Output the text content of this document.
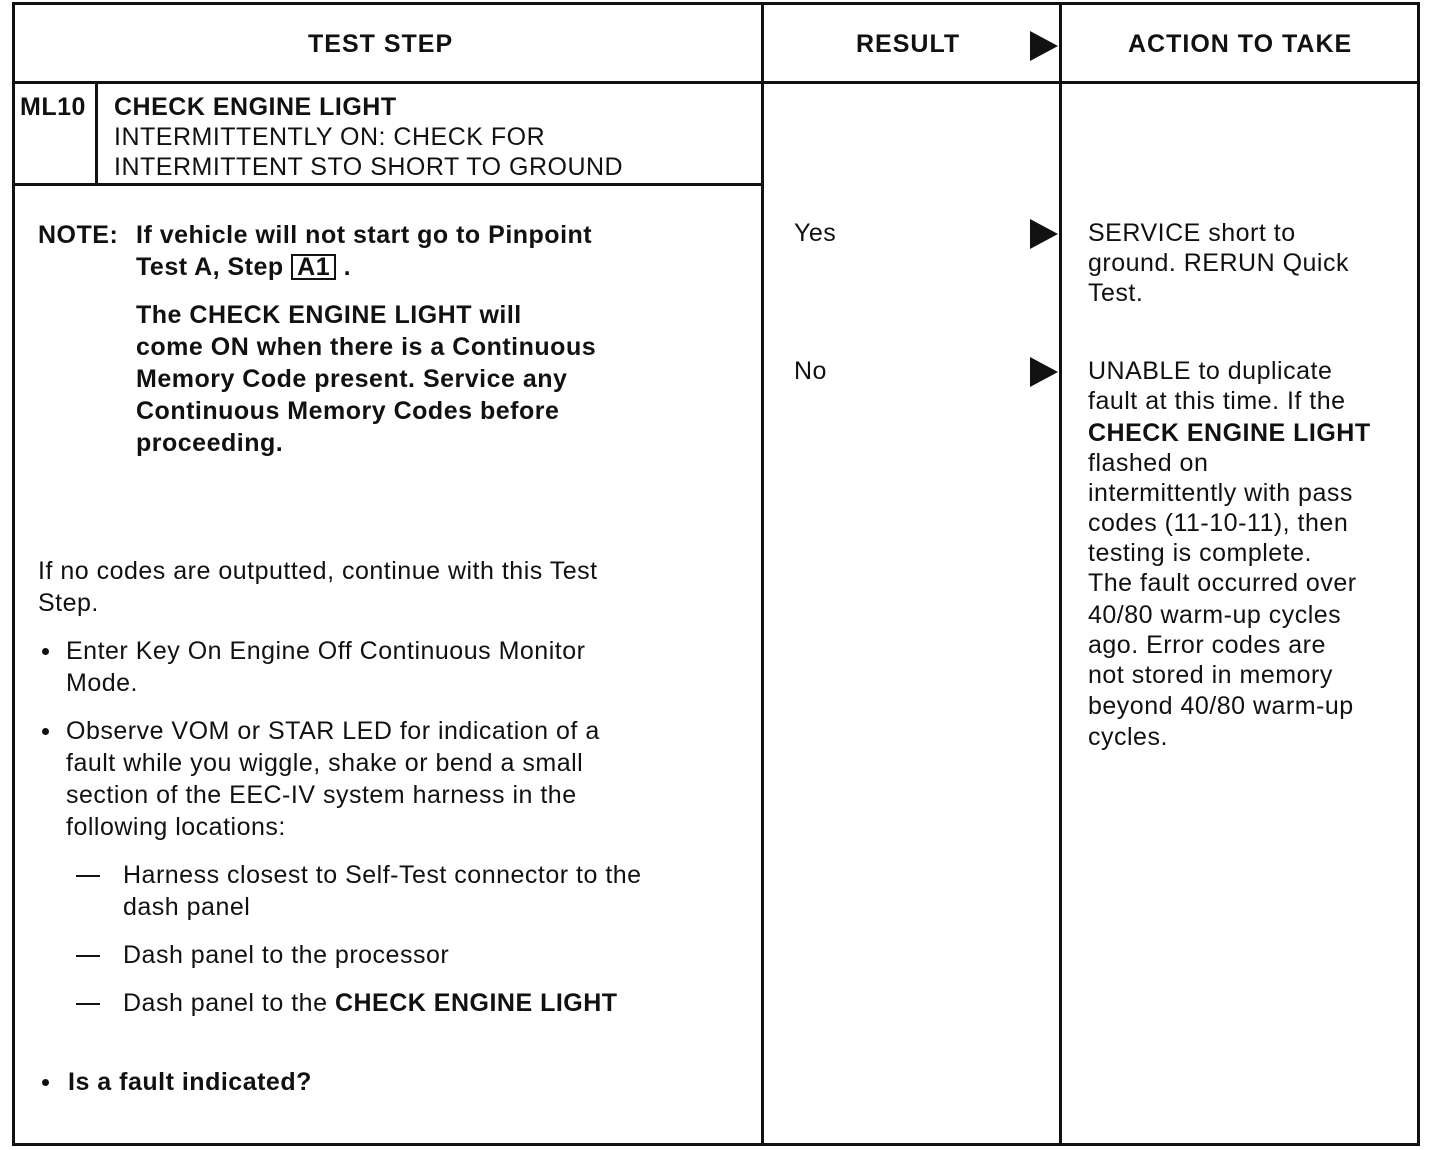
TEST STEP	RESULT	ACTION TO TAKE
ML10 CHECK ENGINE LIGHT
INTERMITTENTLY ON: CHECK FOR
INTERMITTENT STO SHORT TO GROUND
NOTE: If vehicle will not start go to Pinpoint
Test A, Step A1 .
The CHECK ENGINE LIGHT will
come ON when there is a Continuous
Memory Code present. Service any
Continuous Memory Codes before
proceeding.
If no codes are outputted, continue with this Test
Step.
Enter Key On Engine Off Continuous Monitor
Mode.
Observe VOM or STAR LED for indication of a
fault while you wiggle, shake or bend a small
section of the EEC-IV system harness in the
following locations:
Harness closest to Self-Test connector to the
dash panel
Dash panel to the processor
Dash panel to the CHECK ENGINE LIGHT
Is a fault indicated?
Yes
No
SERVICE short to
ground. RERUN Quick
Test.
UNABLE to duplicate
fault at this time. If the
CHECK ENGINE LIGHT
flashed on
intermittently with pass
codes (11-10-11), then
testing is complete.
The fault occurred over
40/80 warm-up cycles
ago. Error codes are
not stored in memory
beyond 40/80 warm-up
cycles.
